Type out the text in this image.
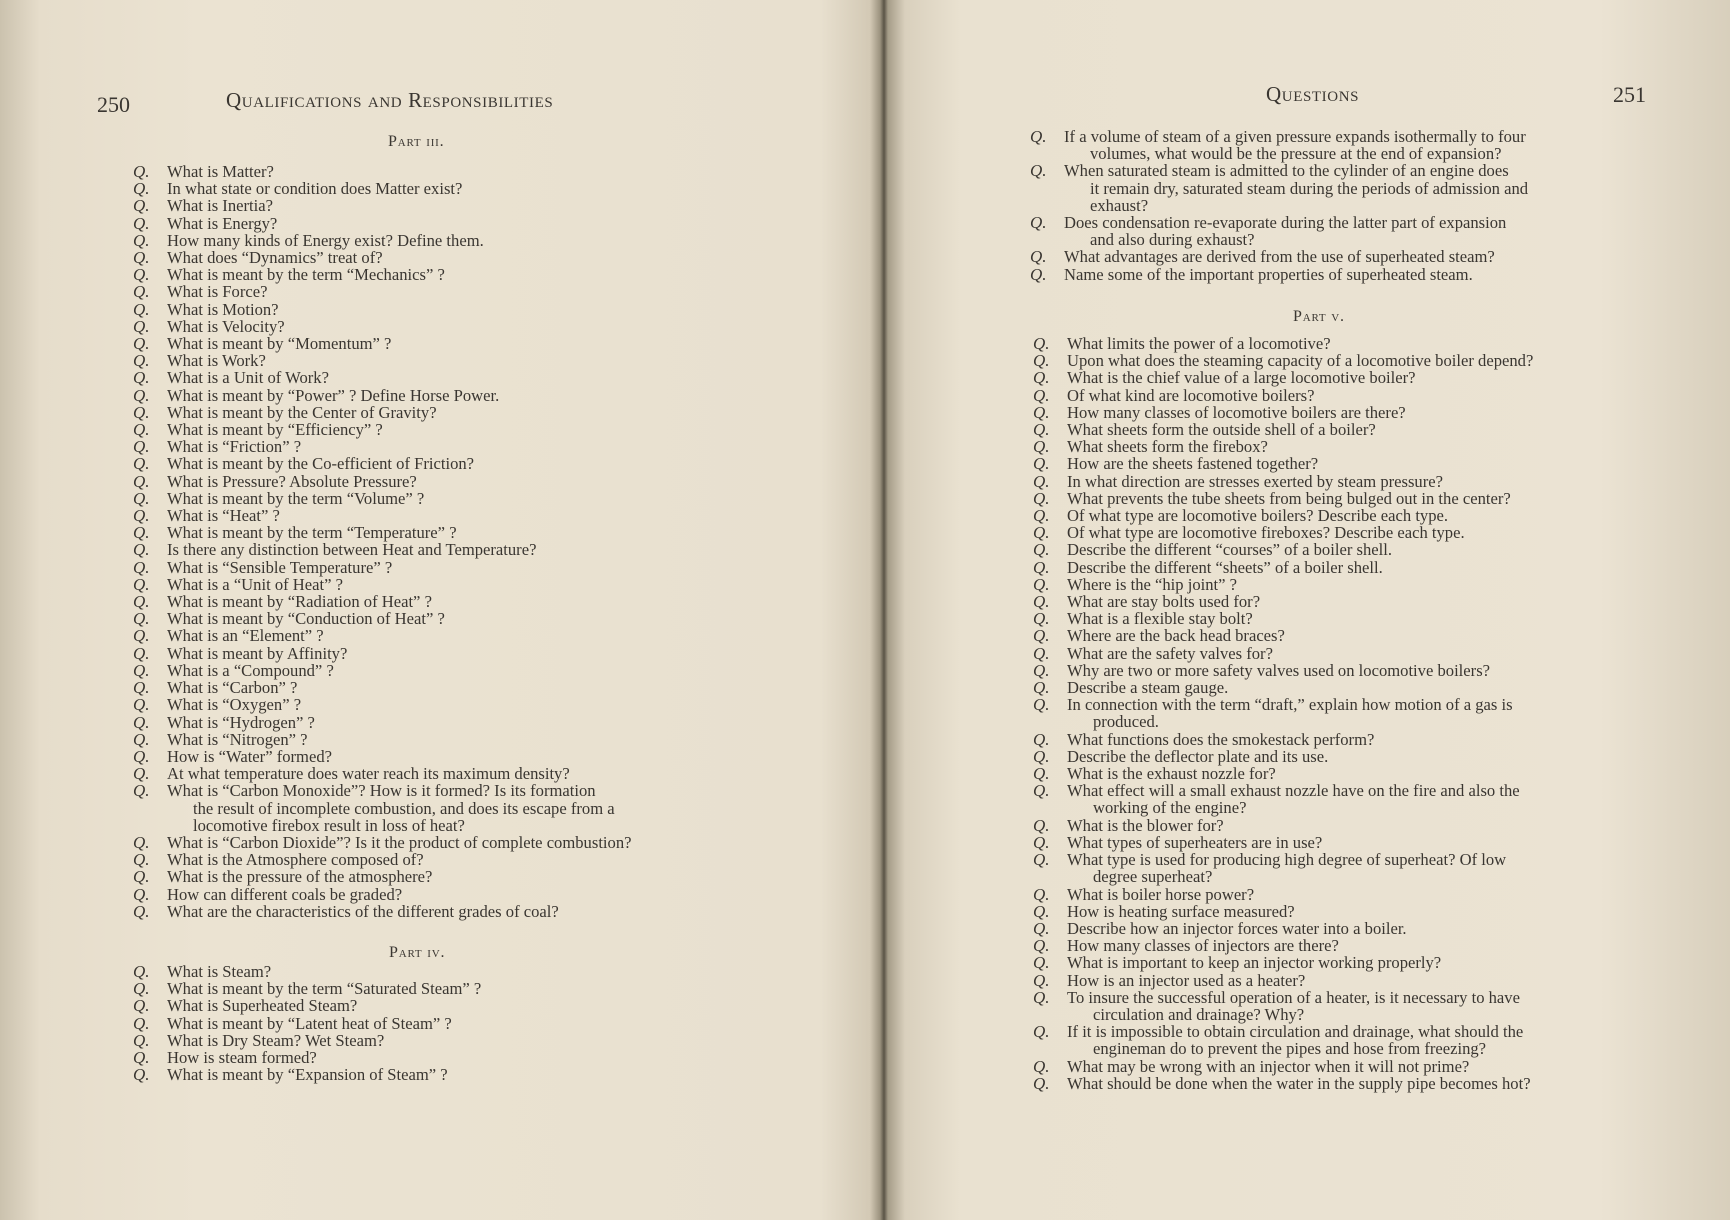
250	Qualifications and Responsibilities
Part iii.
Q.	What is Matter?
Q.	In what state or condition does Matter exist?
Q.	What is Inertia?
Q.	What is Energy?
Q.	How many kinds of Energy exist? Define them.
Q.	What does “Dynamics” treat of?
Q.	What is meant by the term “Mechanics” ?
Q.	What is Force?
Q.	What is Motion?
Q.	What is Velocity?
Q.	What is meant by “Momentum” ?
Q.	What is Work?
Q.	What is a Unit of Work?
Q.	What is meant by “Power” ? Define Horse Power.
Q.	What is meant by the Center of Gravity?
Q.	What is meant by “Efficiency” ?
Q.	What is “Friction” ?
Q.	What is meant by the Co-efficient of Friction?
Q.	What is Pressure? Absolute Pressure?
Q.	What is meant by the term “Volume” ?
Q.	What is “Heat” ?
Q.	What is meant by the term “Temperature” ?
Q.	Is there any distinction between Heat and Temperature?
Q.	What is “Sensible Temperature” ?
Q.	What is a “Unit of Heat” ?
Q.	What is meant by “Radiation of Heat” ?
Q.	What is meant by “Conduction of Heat” ?
Q.	What is an “Element” ?
Q.	What is meant by Affinity?
Q.	What is a “Compound” ?
Q.	What is “Carbon” ?
Q.	What is “Oxygen” ?
Q.	What is “Hydrogen” ?
Q.	What is “Nitrogen” ?
Q.	How is “Water” formed?
Q.	At what temperature does water reach its maximum density?
Q.	What is “Carbon Monoxide”? How is it formed? Is its formation
the result of incomplete combustion, and does its escape from a
locomotive firebox result in loss of heat?
Q.	What is “Carbon Dioxide”? Is it the product of complete combustion?
Q.	What is the Atmosphere composed of?
Q.	What is the pressure of the atmosphere?
Q.	How can different coals be graded?
Q.	What are the characteristics of the different grades of coal?
Part iv.
Q.	What is Steam?
Q.	What is meant by the term “Saturated Steam” ?
Q.	What is Superheated Steam?
Q.	What is meant by “Latent heat of Steam” ?
Q.	What is Dry Steam? Wet Steam?
Q.	How is steam formed?
Q.	What is meant by “Expansion of Steam” ?
Questions	251
Q.	If a volume of steam of a given pressure expands isothermally to four
volumes, what would be the pressure at the end of expansion?
Q.	When saturated steam is admitted to the cylinder of an engine does
it remain dry, saturated steam during the periods of admission and
exhaust?
Q.	Does condensation re-evaporate during the latter part of expansion
and also during exhaust?
Q.	What advantages are derived from the use of superheated steam?
Q.	Name some of the important properties of superheated steam.
Part v.
Q.	What limits the power of a locomotive?
Q.	Upon what does the steaming capacity of a locomotive boiler depend?
Q.	What is the chief value of a large locomotive boiler?
Q.	Of what kind are locomotive boilers?
Q.	How many classes of locomotive boilers are there?
Q.	What sheets form the outside shell of a boiler?
Q.	What sheets form the firebox?
Q.	How are the sheets fastened together?
Q.	In what direction are stresses exerted by steam pressure?
Q.	What prevents the tube sheets from being bulged out in the center?
Q.	Of what type are locomotive boilers? Describe each type.
Q.	Of what type are locomotive fireboxes? Describe each type.
Q.	Describe the different “courses” of a boiler shell.
Q.	Describe the different “sheets” of a boiler shell.
Q.	Where is the “hip joint” ?
Q.	What are stay bolts used for?
Q.	What is a flexible stay bolt?
Q.	Where are the back head braces?
Q.	What are the safety valves for?
Q.	Why are two or more safety valves used on locomotive boilers?
Q.	Describe a steam gauge.
Q.	In connection with the term “draft,” explain how motion of a gas is
produced.
Q.	What functions does the smokestack perform?
Q.	Describe the deflector plate and its use.
Q.	What is the exhaust nozzle for?
Q.	What effect will a small exhaust nozzle have on the fire and also the
working of the engine?
Q.	What is the blower for?
Q.	What types of superheaters are in use?
Q.	What type is used for producing high degree of superheat? Of low
degree superheat?
Q.	What is boiler horse power?
Q.	How is heating surface measured?
Q.	Describe how an injector forces water into a boiler.
Q.	How many classes of injectors are there?
Q.	What is important to keep an injector working properly?
Q.	How is an injector used as a heater?
Q.	To insure the successful operation of a heater, is it necessary to have
circulation and drainage? Why?
Q.	If it is impossible to obtain circulation and drainage, what should the
engineman do to prevent the pipes and hose from freezing?
Q.	What may be wrong with an injector when it will not prime?
Q.	What should be done when the water in the supply pipe becomes hot?
